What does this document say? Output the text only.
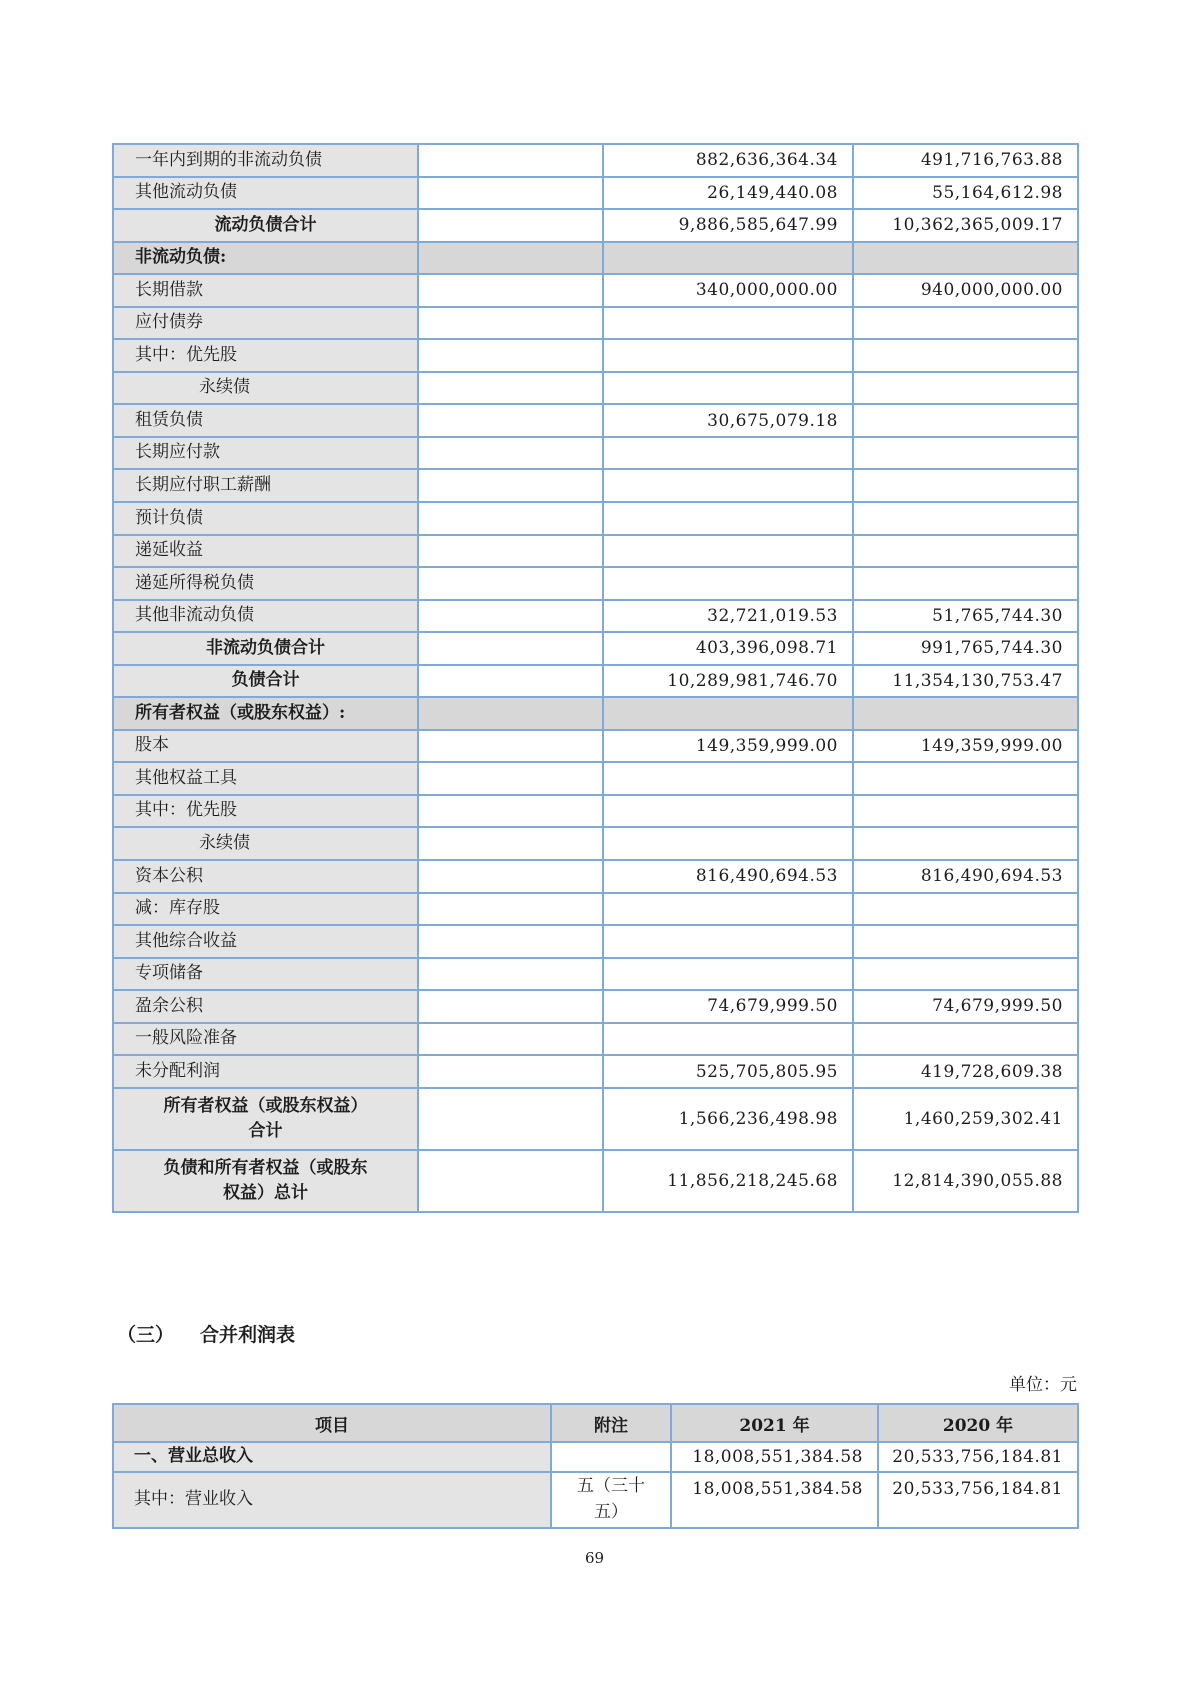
一年内到期的非流动负债		882,636,364.34	491,716,763.88
其他流动负债		26,149,440.08	55,164,612.98
流动负债合计		9,886,585,647.99	10,362,365,009.17
非流动负债:			
长期借款		340,000,000.00	940,000,000.00
应付债券			
其中：优先股			
永续债			
租赁负债		30,675,079.18	
长期应付款			
长期应付职工薪酬			
预计负债			
递延收益			
递延所得税负债			
其他非流动负债		32,721,019.53	51,765,744.30
非流动负债合计		403,396,098.71	991,765,744.30
负债合计		10,289,981,746.70	11,354,130,753.47
所有者权益（或股东权益）:			
股本		149,359,999.00	149,359,999.00
其他权益工具			
其中：优先股			
永续债			
资本公积		816,490,694.53	816,490,694.53
减：库存股			
其他综合收益			
专项储备			
盈余公积		74,679,999.50	74,679,999.50
一般风险准备			
未分配利润		525,705,805.95	419,728,609.38
所有者权益（或股东权益）
合计		1,566,236,498.98	1,460,259,302.41
负债和所有者权益（或股东
权益）总计		11,856,218,245.68	12,814,390,055.88
（三） 合并利润表
单位：元
项目	附注	2021 年	2020 年
一、营业总收入		18,008,551,384.58	20,533,756,184.81
其中：营业收入	五（三十
五）	18,008,551,384.58	20,533,756,184.81
69
